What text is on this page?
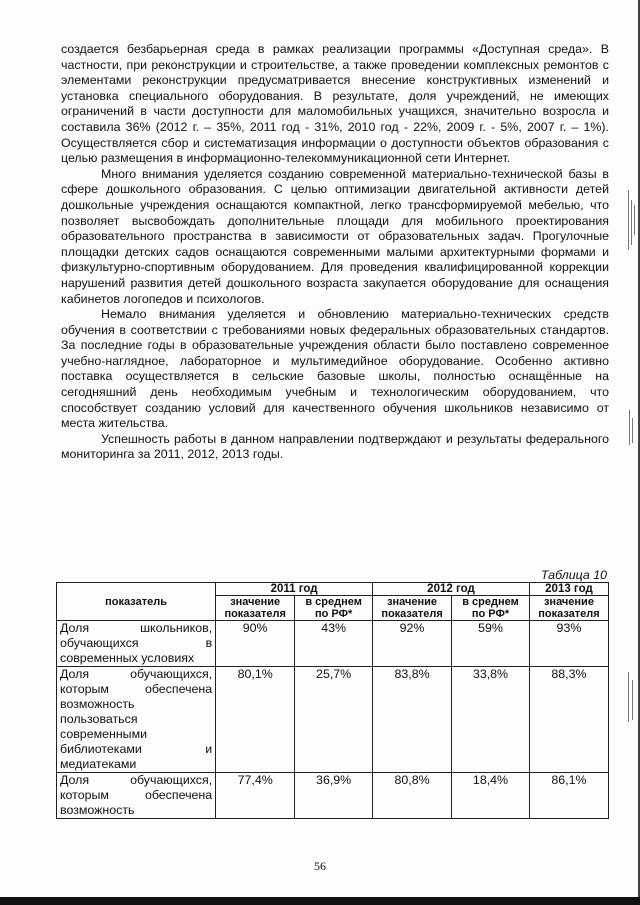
создается безбарьерная среда в рамках реализации программы «Доступная среда». В частности, при реконструкции и строительстве, а также проведении комплексных ремонтов с элементами реконструкции предусматривается внесение конструктивных изменений и установка специального оборудования. В результате, доля учреждений, не имеющих ограничений в части доступности для маломобильных учащихся, значительно возросла и составила 36% (2012 г. – 35%, 2011 год - 31%, 2010 год - 22%, 2009 г. - 5%, 2007 г. – 1%). Осуществляется сбор и систематизация информации о доступности объектов образования с целью размещения в информационно-телекоммуникационной сети Интернет.

Много внимания уделяется созданию современной материально-технической базы в сфере дошкольного образования. С целью оптимизации двигательной активности детей дошкольные учреждения оснащаются компактной, легко трансформируемой мебелью, что позволяет высвобождать дополнительные площади для мобильного проектирования образовательного пространства в зависимости от образовательных задач. Прогулочные площадки детских садов оснащаются современными малыми архитектурными формами и физкультурно-спортивным оборудованием. Для проведения квалифицированной коррекции нарушений развития детей дошкольного возраста закупается оборудование для оснащения кабинетов логопедов и психологов.

Немало внимания уделяется и обновлению материально-технических средств обучения в соответствии с требованиями новых федеральных образовательных стандартов. За последние годы в образовательные учреждения области было поставлено современное учебно-наглядное, лабораторное и мультимедийное оборудование. Особенно активно поставка осуществляется в сельские базовые школы, полностью оснащённые на сегодняшний день необходимым учебным и технологическим оборудованием, что способствует созданию условий для качественного обучения школьников независимо от места жительства.

Успешность работы в данном направлении подтверждают и результаты федерального мониторинга за 2011, 2012, 2013 годы.

Таблица 10
показатель	2011 год		2012 год		2013 год
	значение показателя	в среднем по РФ*	значение показателя	в среднем по РФ*	значение показателя
Доля школьников, обучающихся в
современных условиях	90%	43%	92%	59%	93%
Доля обучающихся, которым обеспечена возможность пользоваться современными библиотеками и
медиатеками	80,1%	25,7%	83,8%	33,8%	88,3%
Доля обучающихся, которым обеспечена
возможность	77,4%	36,9%	80,8%	18,4%	86,1%
56
